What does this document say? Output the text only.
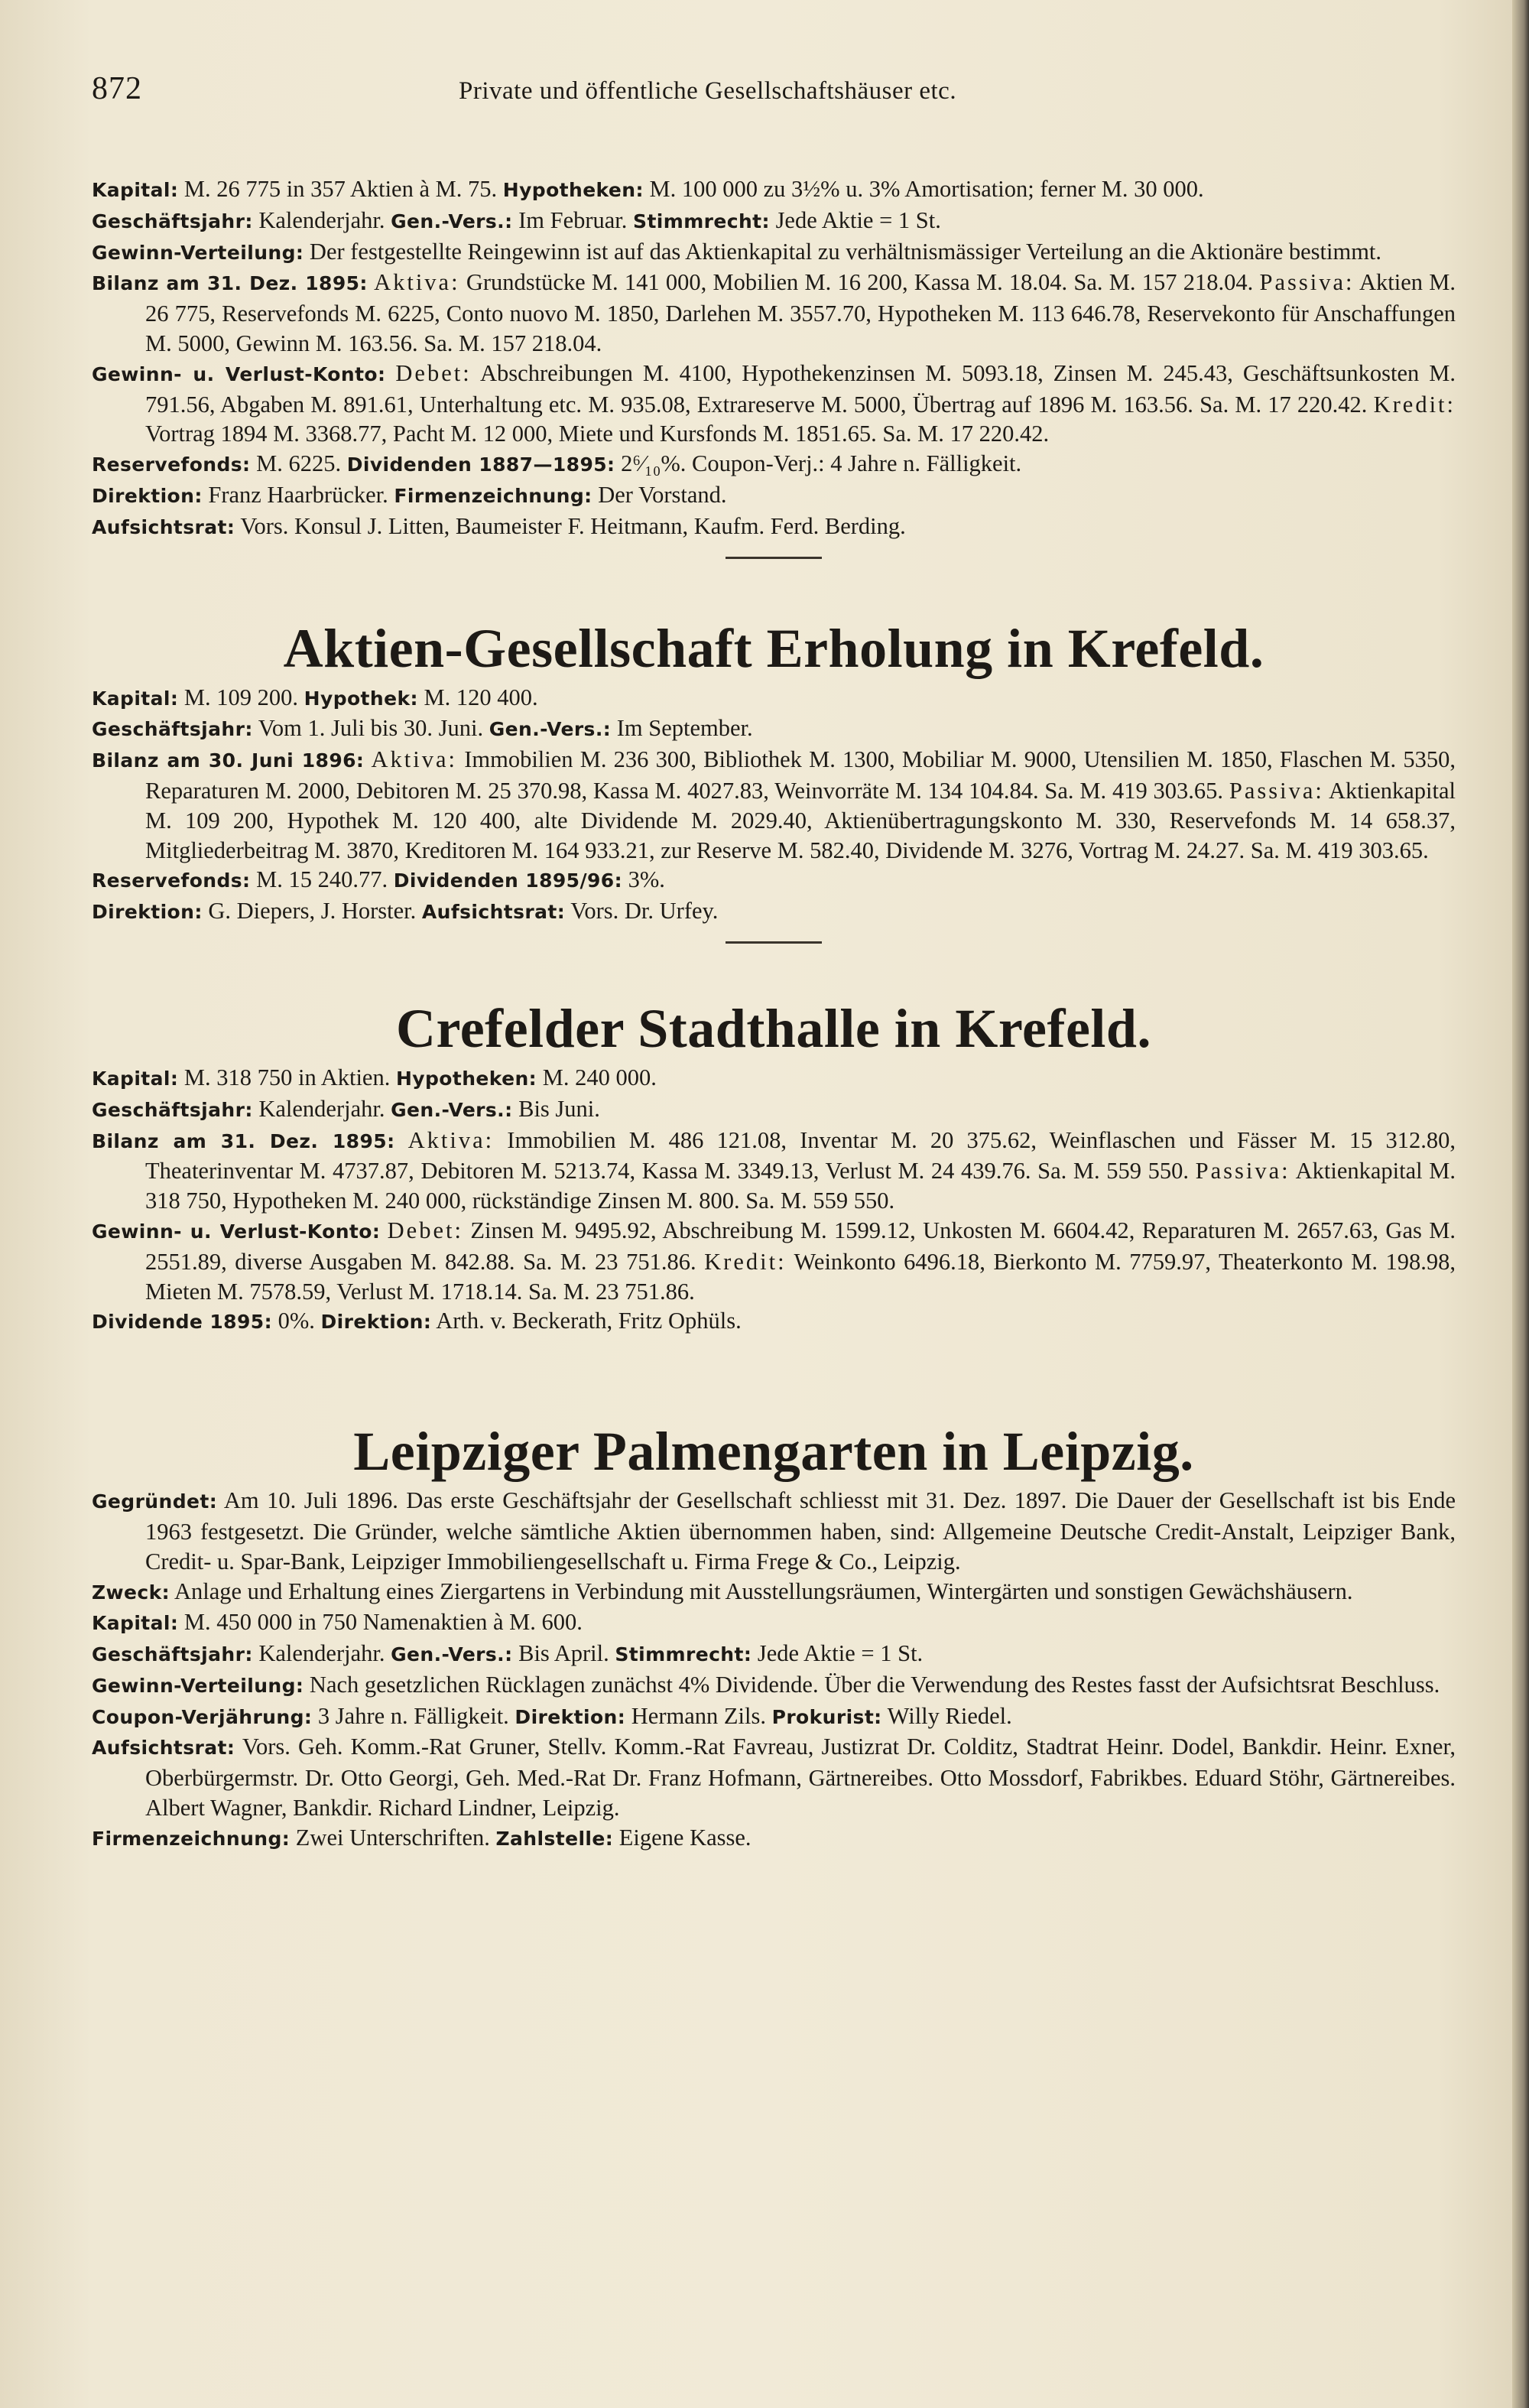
872	Private und öffentliche Gesellschaftshäuser etc.

Kapital: M. 26 775 in 357 Aktien à M. 75. Hypotheken: M. 100 000 zu 3½% u. 3% Amortisation; ferner M. 30 000.

Geschäftsjahr: Kalenderjahr. Gen.-Vers.: Im Februar. Stimmrecht: Jede Aktie = 1 St.

Gewinn-Verteilung: Der festgestellte Reingewinn ist auf das Aktienkapital zu verhältnismässiger Verteilung an die Aktionäre bestimmt.

Bilanz am 31. Dez. 1895: Aktiva: Grundstücke M. 141 000, Mobilien M. 16 200, Kassa M. 18.04. Sa. M. 157 218.04. Passiva: Aktien M. 26 775, Reservefonds M. 6225, Conto nuovo M. 1850, Darlehen M. 3557.70, Hypotheken M. 113 646.78, Reservekonto für Anschaffungen M. 5000, Gewinn M. 163.56. Sa. M. 157 218.04.

Gewinn- u. Verlust-Konto: Debet: Abschreibungen M. 4100, Hypothekenzinsen M. 5093.18, Zinsen M. 245.43, Geschäftsunkosten M. 791.56, Abgaben M. 891.61, Unterhaltung etc. M. 935.08, Extrareserve M. 5000, Übertrag auf 1896 M. 163.56. Sa. M. 17 220.42. Kredit: Vortrag 1894 M. 3368.77, Pacht M. 12 000, Miete und Kursfonds M. 1851.65. Sa. M. 17 220.42.

Reservefonds: M. 6225. Dividenden 1887—1895: 2⁶⁄₁₀%. Coupon-Verj.: 4 Jahre n. Fälligkeit.

Direktion: Franz Haarbrücker. Firmenzeichnung: Der Vorstand.

Aufsichtsrat: Vors. Konsul J. Litten, Baumeister F. Heitmann, Kaufm. Ferd. Berding.

Aktien-Gesellschaft Erholung in Krefeld.

Kapital: M. 109 200. Hypothek: M. 120 400.

Geschäftsjahr: Vom 1. Juli bis 30. Juni. Gen.-Vers.: Im September.

Bilanz am 30. Juni 1896: Aktiva: Immobilien M. 236 300, Bibliothek M. 1300, Mobiliar M. 9000, Utensilien M. 1850, Flaschen M. 5350, Reparaturen M. 2000, Debitoren M. 25 370.98, Kassa M. 4027.83, Weinvorräte M. 134 104.84. Sa. M. 419 303.65. Passiva: Aktienkapital M. 109 200, Hypothek M. 120 400, alte Dividende M. 2029.40, Aktienübertragungskonto M. 330, Reservefonds M. 14 658.37, Mitgliederbeitrag M. 3870, Kreditoren M. 164 933.21, zur Reserve M. 582.40, Dividende M. 3276, Vortrag M. 24.27. Sa. M. 419 303.65.

Reservefonds: M. 15 240.77. Dividenden 1895/96: 3%.

Direktion: G. Diepers, J. Horster. Aufsichtsrat: Vors. Dr. Urfey.

Crefelder Stadthalle in Krefeld.

Kapital: M. 318 750 in Aktien. Hypotheken: M. 240 000.

Geschäftsjahr: Kalenderjahr. Gen.-Vers.: Bis Juni.

Bilanz am 31. Dez. 1895: Aktiva: Immobilien M. 486 121.08, Inventar M. 20 375.62, Weinflaschen und Fässer M. 15 312.80, Theaterinventar M. 4737.87, Debitoren M. 5213.74, Kassa M. 3349.13, Verlust M. 24 439.76. Sa. M. 559 550. Passiva: Aktienkapital M. 318 750, Hypotheken M. 240 000, rückständige Zinsen M. 800. Sa. M. 559 550.

Gewinn- u. Verlust-Konto: Debet: Zinsen M. 9495.92, Abschreibung M. 1599.12, Unkosten M. 6604.42, Reparaturen M. 2657.63, Gas M. 2551.89, diverse Ausgaben M. 842.88. Sa. M. 23 751.86. Kredit: Weinkonto 6496.18, Bierkonto M. 7759.97, Theaterkonto M. 198.98, Mieten M. 7578.59, Verlust M. 1718.14. Sa. M. 23 751.86.

Dividende 1895: 0%. Direktion: Arth. v. Beckerath, Fritz Ophüls.

Leipziger Palmengarten in Leipzig.

Gegründet: Am 10. Juli 1896. Das erste Geschäftsjahr der Gesellschaft schliesst mit 31. Dez. 1897. Die Dauer der Gesellschaft ist bis Ende 1963 festgesetzt. Die Gründer, welche sämtliche Aktien übernommen haben, sind: Allgemeine Deutsche Credit-Anstalt, Leipziger Bank, Credit- u. Spar-Bank, Leipziger Immobiliengesellschaft u. Firma Frege & Co., Leipzig.

Zweck: Anlage und Erhaltung eines Ziergartens in Verbindung mit Ausstellungsräumen, Wintergärten und sonstigen Gewächshäusern.

Kapital: M. 450 000 in 750 Namenaktien à M. 600.

Geschäftsjahr: Kalenderjahr. Gen.-Vers.: Bis April. Stimmrecht: Jede Aktie = 1 St.

Gewinn-Verteilung: Nach gesetzlichen Rücklagen zunächst 4% Dividende. Über die Verwendung des Restes fasst der Aufsichtsrat Beschluss.

Coupon-Verjährung: 3 Jahre n. Fälligkeit. Direktion: Hermann Zils. Prokurist: Willy Riedel.

Aufsichtsrat: Vors. Geh. Komm.-Rat Gruner, Stellv. Komm.-Rat Favreau, Justizrat Dr. Colditz, Stadtrat Heinr. Dodel, Bankdir. Heinr. Exner, Oberbürgermstr. Dr. Otto Georgi, Geh. Med.-Rat Dr. Franz Hofmann, Gärtnereibes. Otto Mossdorf, Fabrikbes. Eduard Stöhr, Gärtnereibes. Albert Wagner, Bankdir. Richard Lindner, Leipzig.

Firmenzeichnung: Zwei Unterschriften. Zahlstelle: Eigene Kasse.
